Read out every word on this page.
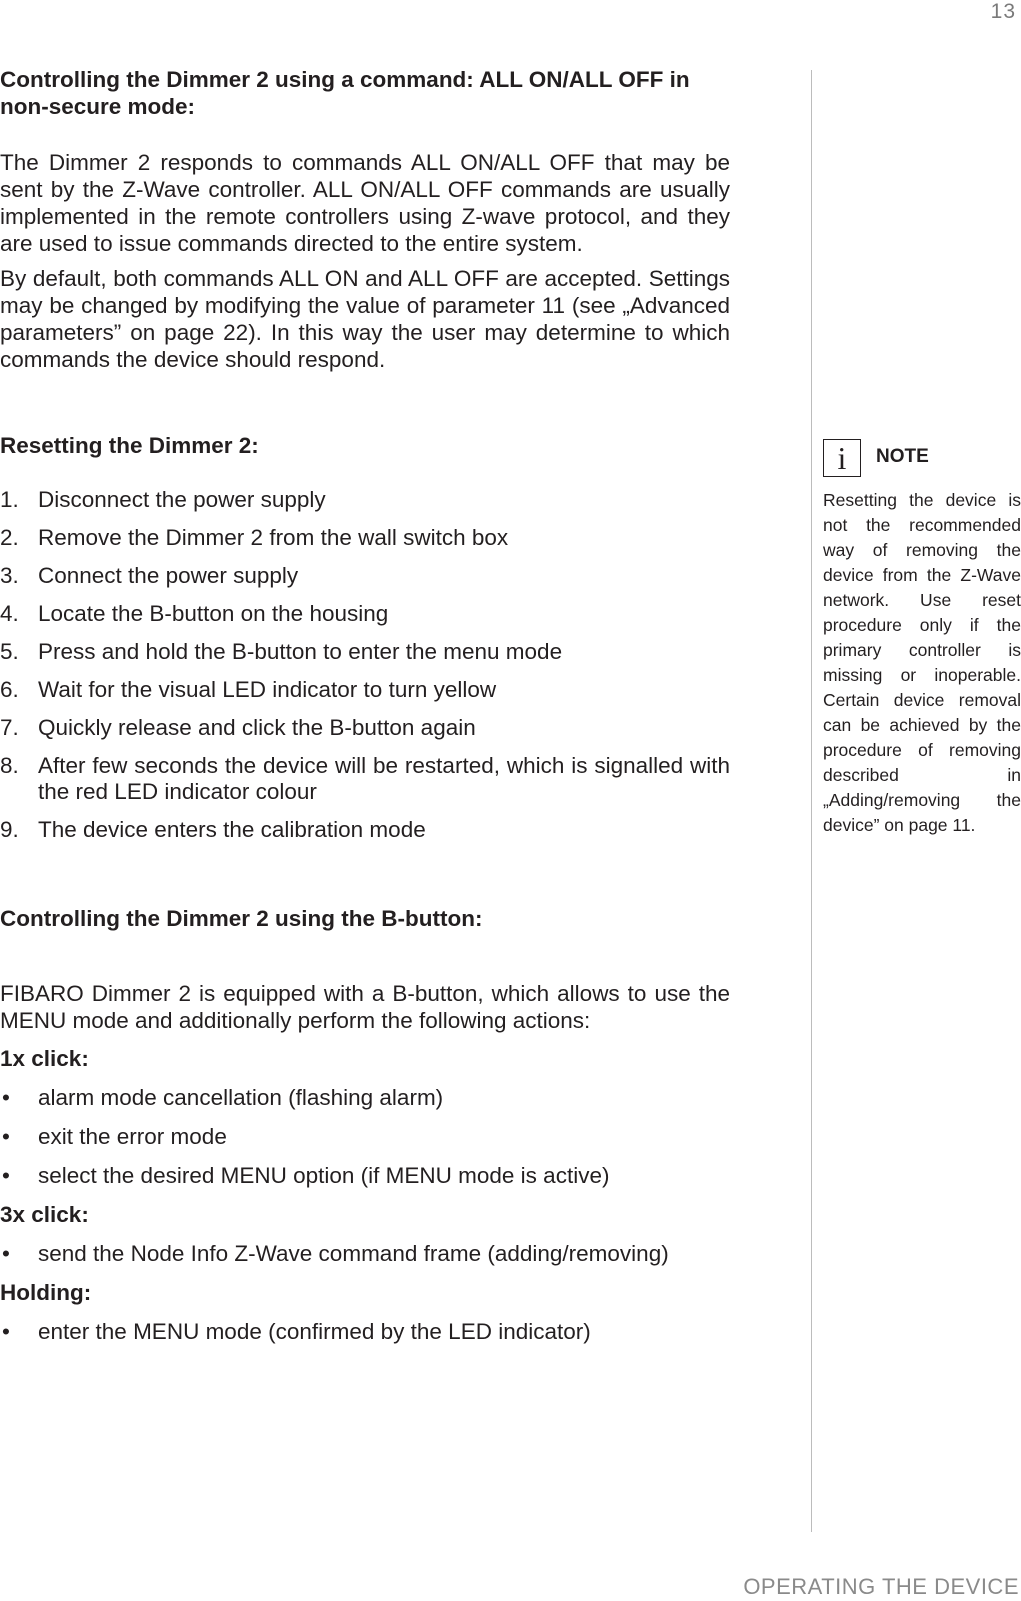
13

Controlling the Dimmer 2 using a command: ALL ON/ALL OFF in non-secure mode:

The Dimmer 2 responds to commands ALL ON/ALL OFF that may be sent by the Z-Wave controller. ALL ON/ALL OFF commands are usually implemented in the remote controllers using Z-wave protocol, and they are used to issue commands directed to the entire system.

By default, both commands ALL ON and ALL OFF are accepted. Settings may be changed by modifying the value of parameter 11 (see „Advanced parameters” on page 22). In this way the user may determine to which commands the device should respond.

Resetting the Dimmer 2:

1. Disconnect the power supply
2. Remove the Dimmer 2 from the wall switch box
3. Connect the power supply
4. Locate the B-button on the housing
5. Press and hold the B-button to enter the menu mode
6. Wait for the visual LED indicator to turn yellow
7. Quickly release and click the B-button again
8. After few seconds the device will be restarted, which is signalled with the red LED indicator colour
9. The device enters the calibration mode

Controlling the Dimmer 2 using the B-button:

FIBARO Dimmer 2 is equipped with a B-button, which allows to use the MENU mode and additionally perform the following actions:

1x click:
• alarm mode cancellation (flashing alarm)
• exit the error mode
• select the desired MENU option (if MENU mode is active)
3x click:
• send the Node Info Z-Wave command frame (adding/removing)
Holding:
• enter the MENU mode (confirmed by the LED indicator)
i NOTE

Resetting the device is not the recommended way of removing the device from the Z-Wave network. Use reset procedure only if the primary controller is missing or inoperable. Certain device removal can be achieved by the procedure of removing described in „Adding/removing the device” on page 11.

OPERATING THE DEVICE
